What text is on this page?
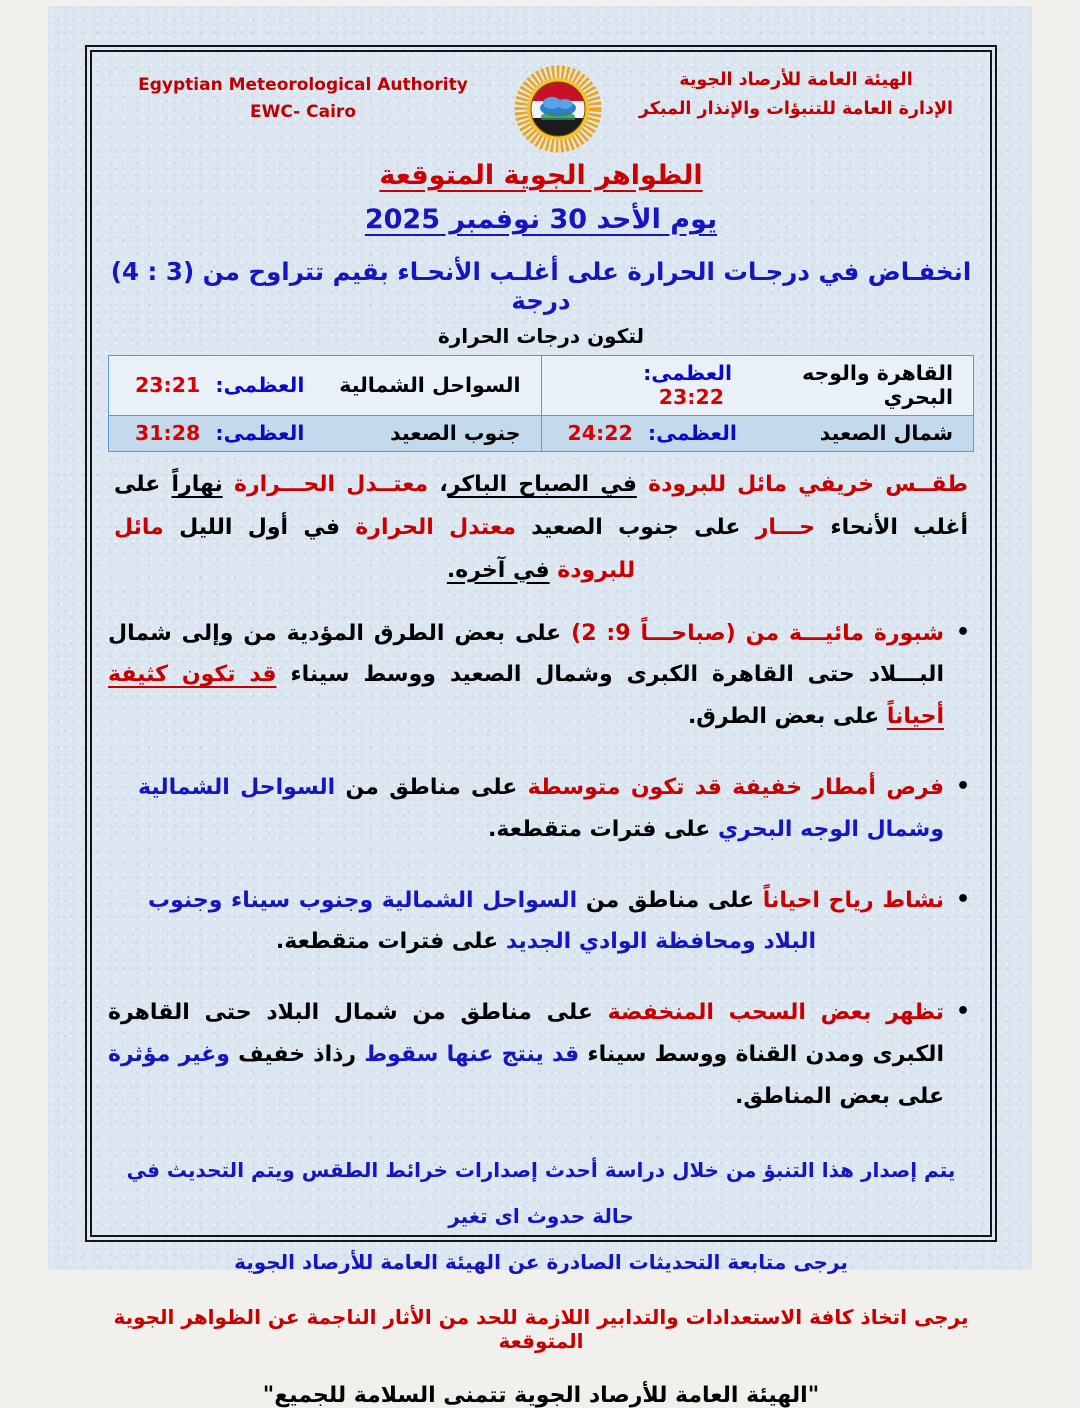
Egyptian Meteorological Authority
EWC- Cairo
الهيئة العامة للأرصاد الجوية
الإدارة العامة للتنبؤات والإنذار المبكر
الظواهر الجوية المتوقعة
يوم الأحد 30 نوفمبر 2025
انخفـاض في درجـات الحرارة على أغلـب الأنحـاء بقيم تتراوح من (3 : 4) درجة
لتكون درجات الحرارة
القاهرة والوجه البحري
العظمى: 23:22
السواحل الشمالية
العظمى: 23:21
شمال الصعيد
العظمى: 24:22
جنوب الصعيد
العظمى: 31:28
طقــس خريفي مائل للبرودة في الصباح الباكر، معتــدل الحـــرارة نهاراً على أغلب الأنحاء حـــار على جنوب الصعيد معتدل الحرارة في أول الليل مائل للبرودة في آخره.
• شبورة مائيـــة من (2 :9 صباحـــاً) على بعض الطرق المؤدية من وإلى شمال البـــلاد حتى القاهرة الكبرى وشمال الصعيد ووسط سيناء قد تكون كثيفة أحياناً على بعض الطرق.
• فرص أمطار خفيفة قد تكون متوسطة على مناطق من السواحل الشمالية وشمال الوجه البحري على فترات متقطعة.
• نشاط رياح احياناً على مناطق من السواحل الشمالية وجنوب سيناء وجنوب البلاد ومحافظة الوادي الجديد على فترات متقطعة.
• تظهر بعض السحب المنخفضة على مناطق من شمال البلاد حتى القاهرة الكبرى ومدن القناة ووسط سيناء قد ينتج عنها سقوط رذاذ خفيف وغير مؤثرة على بعض المناطق.
يتم إصدار هذا التنبؤ من خلال دراسة أحدث إصدارات خرائط الطقس ويتم التحديث في حالة حدوث اى تغير
يرجى متابعة التحديثات الصادرة عن الهيئة العامة للأرصاد الجوية
يرجى اتخاذ كافة الاستعدادات والتدابير اللازمة للحد من الأثار الناجمة عن الظواهر الجوية المتوقعة
"الهيئة العامة للأرصاد الجوية تتمنى السلامة للجميع"
